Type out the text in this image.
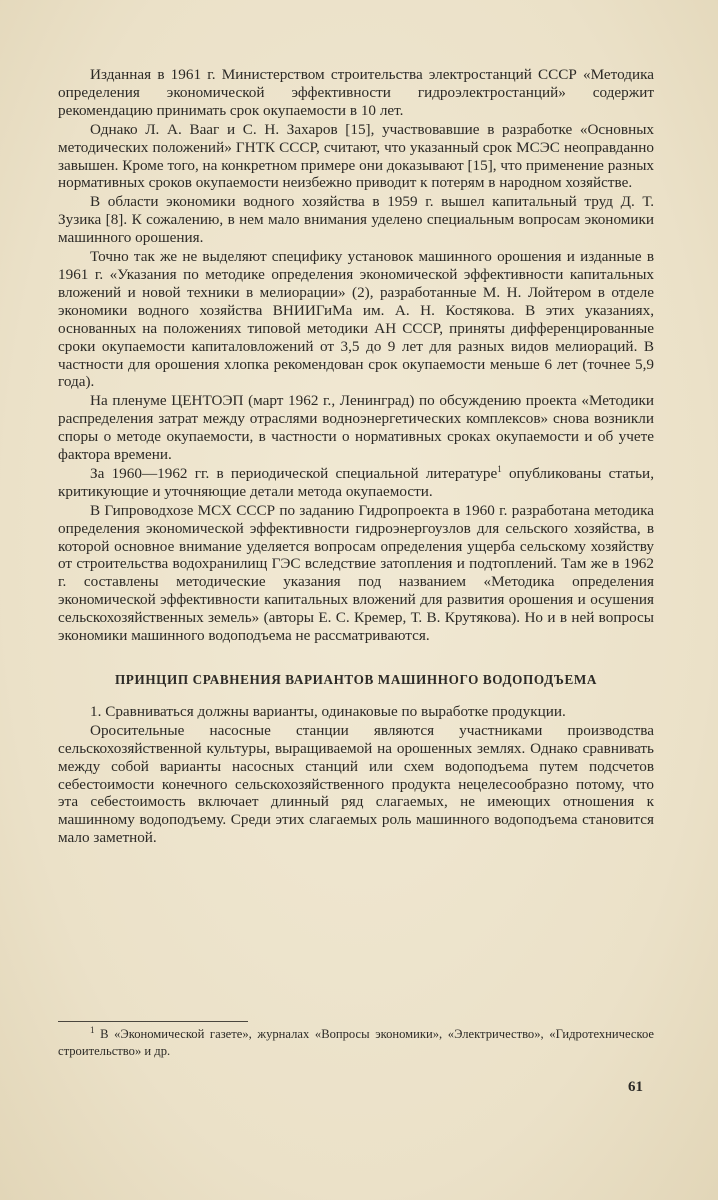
Изданная в 1961 г. Министерством строительства электростанций СССР «Методика определения экономической эффективности гидроэлектростанций» содержит рекомендацию принимать срок окупаемости в 10 лет.

Однако Л. А. Вааг и С. Н. Захаров [15], участвовавшие в разработке «Основных методических положений» ГНТК СССР, считают, что указанный срок МСЭС неоправданно завышен. Кроме того, на конкретном примере они доказывают [15], что применение разных нормативных сроков окупаемости неизбежно приводит к потерям в народном хозяйстве.

В области экономики водного хозяйства в 1959 г. вышел капитальный труд Д. Т. Зузика [8]. К сожалению, в нем мало внимания уделено специальным вопросам экономики машинного орошения.

Точно так же не выделяют специфику установок машинного орошения и изданные в 1961 г. «Указания по методике определения экономической эффективности капитальных вложений и новой техники в мелиорации» (2), разработанные М. Н. Лойтером в отделе экономики водного хозяйства ВНИИГиМа им. А. Н. Костякова. В этих указаниях, основанных на положениях типовой методики АН СССР, приняты дифференцированные сроки окупаемости капиталовложений от 3,5 до 9 лет для разных видов мелиораций. В частности для орошения хлопка рекомендован срок окупаемости меньше 6 лет (точнее 5,9 года).

На пленуме ЦЕНТОЭП (март 1962 г., Ленинград) по обсуждению проекта «Методики распределения затрат между отраслями водноэнергетических комплексов» снова возникли споры о методе окупаемости, в частности о нормативных сроках окупаемости и об учете фактора времени.

За 1960—1962 гг. в периодической специальной литературе$^1$ опубликованы статьи, критикующие и уточняющие детали метода окупаемости.

В Гипроводхозе МСХ СССР по заданию Гидропроекта в 1960 г. разработана методика определения экономической эффективности гидроэнергоузлов для сельского хозяйства, в которой основное внимание уделяется вопросам определения ущерба сельскому хозяйству от строительства водохранилищ ГЭС вследствие затопления и подтоплений. Там же в 1962 г. составлены методические указания под названием «Методика определения экономической эффективности капитальных вложений для развития орошения и осушения сельскохозяйственных земель» (авторы Е. С. Кремер, Т. В. Крутякова). Но и в ней вопросы экономики машинного водоподъема не рассматриваются.

ПРИНЦИП СРАВНЕНИЯ ВАРИАНТОВ МАШИННОГО ВОДОПОДЪЕМА

1. Сравниваться должны варианты, одинаковые по выработке продукции.

Оросительные насосные станции являются участниками производства сельскохозяйственной культуры, выращиваемой на орошенных землях. Однако сравнивать между собой варианты насосных станций или схем водоподъема путем подсчетов себестоимости конечного сельскохозяйственного продукта нецелесообразно потому, что эта себестоимость включает длинный ряд слагаемых, не имеющих отношения к машинному водоподъему. Среди этих слагаемых роль машинного водоподъема становится мало заметной.

$^1$ В «Экономической газете», журналах «Вопросы экономики», «Электричество», «Гидротехническое строительство» и др.
61
